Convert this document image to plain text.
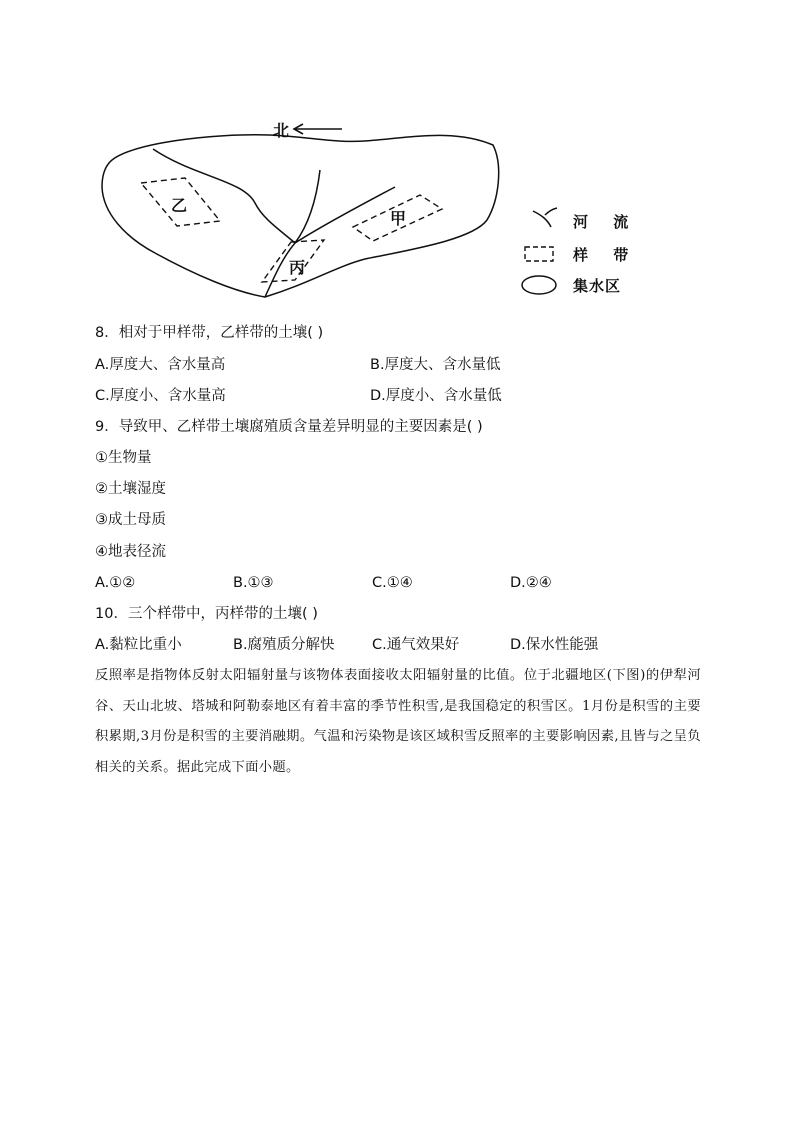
北
乙
甲
丙
河 流
样 带
集水区
8．相对于甲样带，乙样带的土壤( )
A.厚度大、含水量高	B.厚度大、含水量低
C.厚度小、含水量高	D.厚度小、含水量低
9．导致甲、乙样带土壤腐殖质含量差异明显的主要因素是( )
①生物量
②土壤湿度
③成土母质
④地表径流
A.①②	B.①③	C.①④	D.②④
10．三个样带中，丙样带的土壤( )
A.黏粒比重小	B.腐殖质分解快	C.通气效果好	D.保水性能强
反照率是指物体反射太阳辐射量与该物体表面接收太阳辐射量的比值。位于北疆地区(下图)的伊犁河谷、天山北坡、塔城和阿勒泰地区有着丰富的季节性积雪,是我国稳定的积雪区。1月份是积雪的主要积累期,3月份是积雪的主要消融期。气温和污染物是该区域积雪反照率的主要影响因素,且皆与之呈负相关的关系。据此完成下面小题。
